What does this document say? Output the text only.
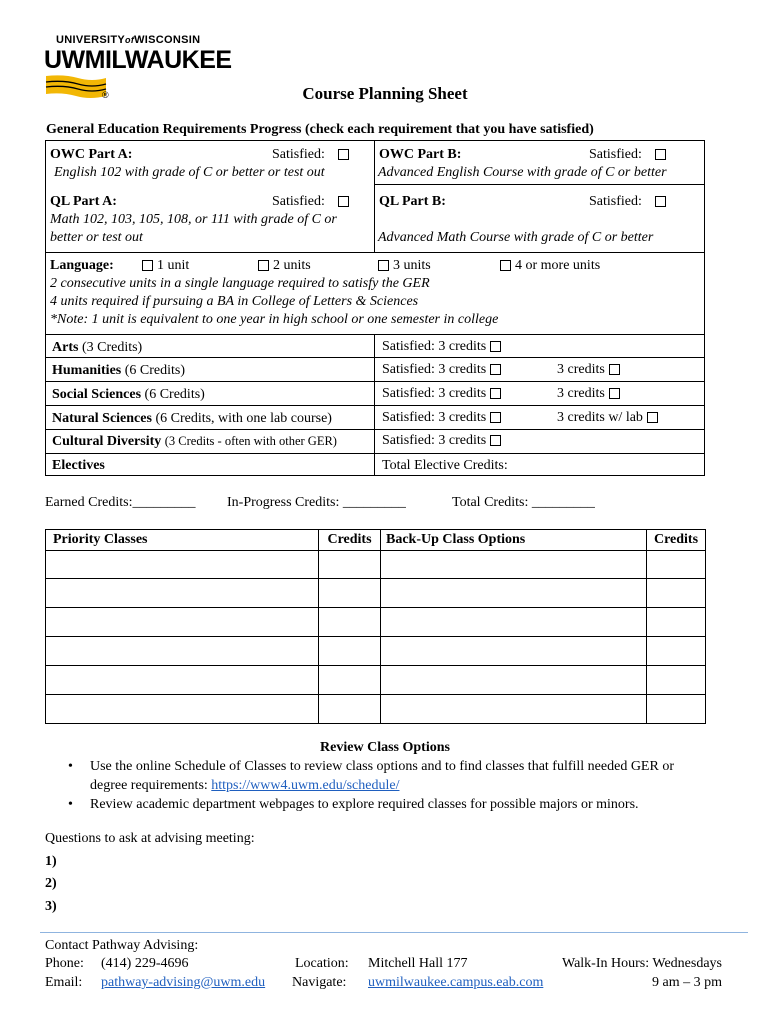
UNIVERSITYofWISCONSIN
UWMILWAUKEE
®	Course Planning Sheet
General Education Requirements Progress (check each requirement that you have satisfied)
OWC Part A:	Satisfied:
English 102 with grade of C or better or test out
OWC Part B:	Satisfied:
Advanced English Course with grade of C or better
QL Part A:	Satisfied:
Math 102, 103, 105, 108, or 111 with grade of C or
better or test out
QL Part B:	Satisfied:
Advanced Math Course with grade of C or better
Language:	1 unit	2 units	3 units	4 or more units
2 consecutive units in a single language required to satisfy the GER
4 units required if pursuing a BA in College of Letters & Sciences
*Note: 1 unit is equivalent to one year in high school or one semester in college
Arts (3 Credits)	Satisfied: 3 credits
Humanities (6 Credits)	Satisfied: 3 credits	3 credits
Social Sciences (6 Credits)	Satisfied: 3 credits	3 credits
Natural Sciences (6 Credits, with one lab course)	Satisfied: 3 credits	3 credits w/ lab
Cultural Diversity (3 Credits - often with other GER)	Satisfied: 3 credits
Electives	Total Elective Credits:
Earned Credits:_________ In-Progress Credits: _________	Total Credits: _________
Priority Classes	Credits	Back-Up Class Options	Credits

Review Class Options
• Use the online Schedule of Classes to review class options and to find classes that fulfill needed GER or
degree requirements: https://www4.uwm.edu/schedule/
• Review academic department webpages to explore required classes for possible majors or minors.
Questions to ask at advising meeting:
1)
2)
3)
Contact Pathway Advising:
Phone: (414) 229-4696
Email: pathway-advising@uwm.edu
Location: Mitchell Hall 177
Navigate: uwmilwaukee.campus.eab.com
Walk-In Hours: Wednesdays
9 am – 3 pm
